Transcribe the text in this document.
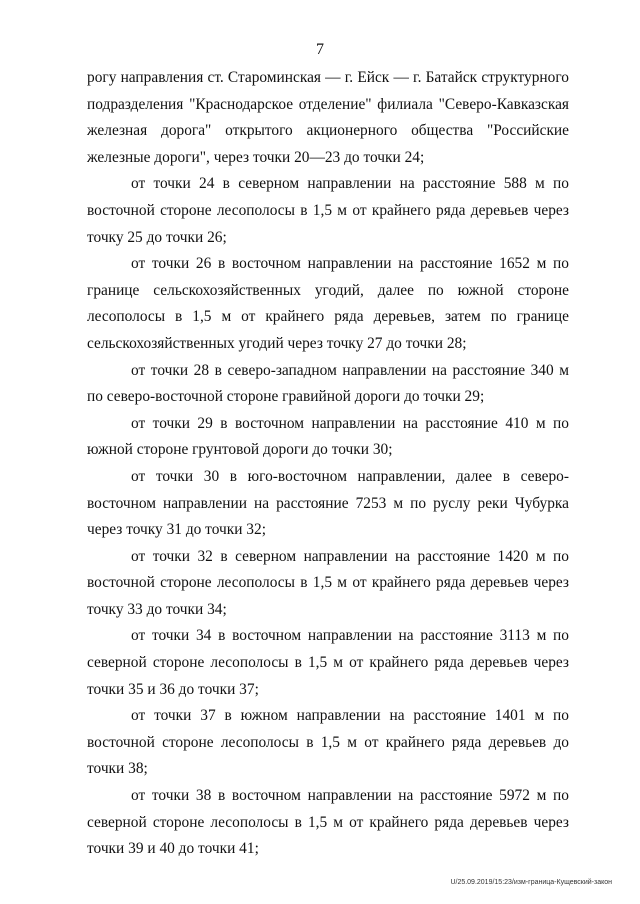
7

рогу направления ст. Староминская — г. Ейск — г. Батайск структурного подразделения "Краснодарское отделение" филиала "Северо-Кавказская железная дорога" открытого акционерного общества "Российские железные дороги", через точки 20—23 до точки 24;

от точки 24 в северном направлении на расстояние 588 м по восточной стороне лесополосы в 1,5 м от крайнего ряда деревьев через точку 25 до точки 26;

от точки 26 в восточном направлении на расстояние 1652 м по границе сельскохозяйственных угодий, далее по южной стороне лесополосы в 1,5 м от крайнего ряда деревьев, затем по границе сельскохозяйственных угодий через точку 27 до точки 28;

от точки 28 в северо-западном направлении на расстояние 340 м по северо-восточной стороне гравийной дороги до точки 29;

от точки 29 в восточном направлении на расстояние 410 м по южной стороне грунтовой дороги до точки 30;

от точки 30 в юго-восточном направлении, далее в северо-восточном направлении на расстояние 7253 м по руслу реки Чубурка через точку 31 до точки 32;

от точки 32 в северном направлении на расстояние 1420 м по восточной стороне лесополосы в 1,5 м от крайнего ряда деревьев через точку 33 до точки 34;

от точки 34 в восточном направлении на расстояние 3113 м по северной стороне лесополосы в 1,5 м от крайнего ряда деревьев через точки 35 и 36 до точки 37;

от точки 37 в южном направлении на расстояние 1401 м по восточной стороне лесополосы в 1,5 м от крайнего ряда деревьев до точки 38;

от точки 38 в восточном направлении на расстояние 5972 м по северной стороне лесополосы в 1,5 м от крайнего ряда деревьев через точки 39 и 40 до точки 41;

U/25.09.2019/15:23/изм-граница-Кущевский-закон
